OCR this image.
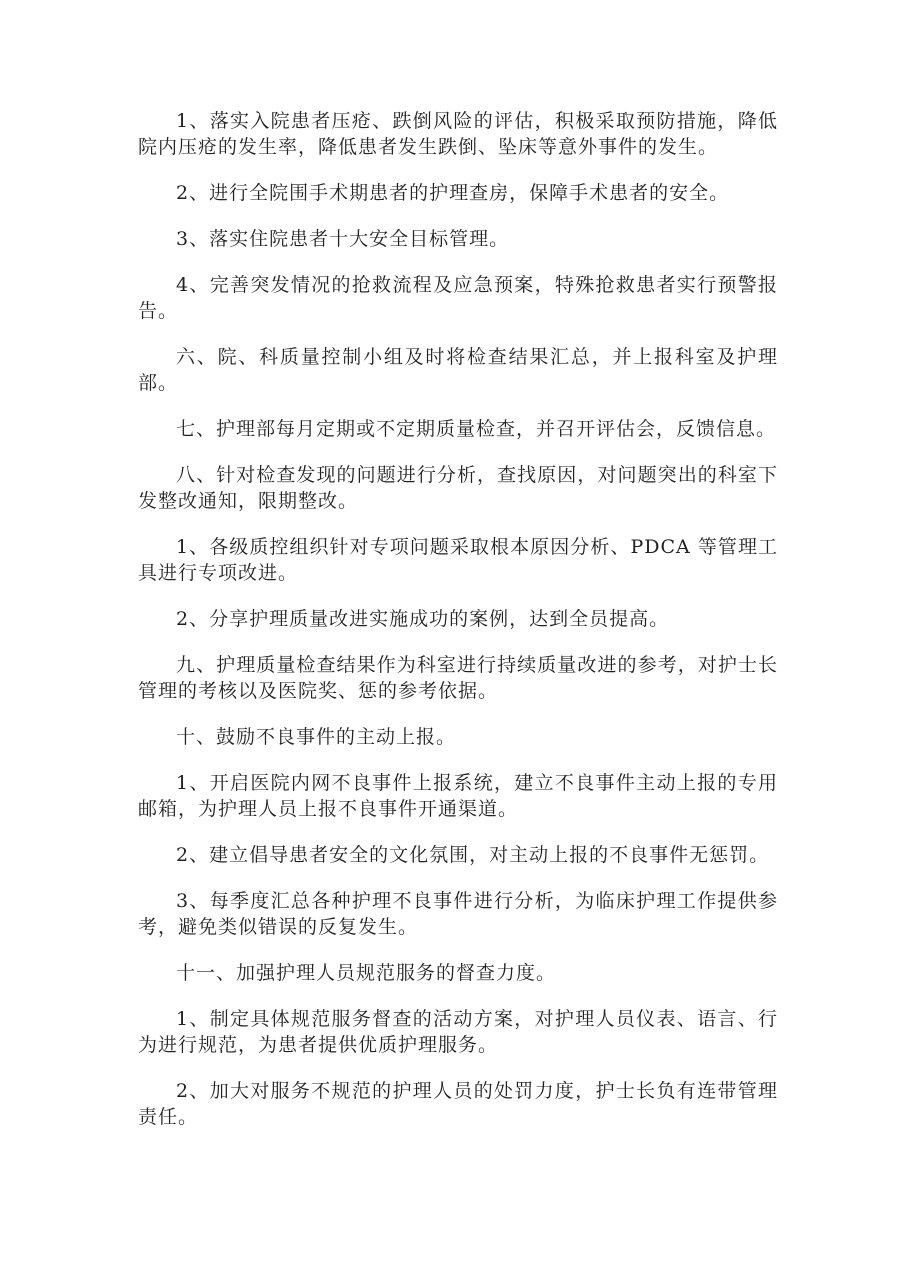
1、落实入院患者压疮、跌倒风险的评估，积极采取预防措施，降低院内压疮的发生率，降低患者发生跌倒、坠床等意外事件的发生。

2、进行全院围手术期患者的护理查房，保障手术患者的安全。

3、落实住院患者十大安全目标管理。

4、完善突发情况的抢救流程及应急预案，特殊抢救患者实行预警报告。

六、院、科质量控制小组及时将检查结果汇总，并上报科室及护理部。

七、护理部每月定期或不定期质量检查，并召开评估会，反馈信息。

八、针对检查发现的问题进行分析，查找原因，对问题突出的科室下发整改通知，限期整改。

1、各级质控组织针对专项问题采取根本原因分析、PDCA 等管理工具进行专项改进。

2、分享护理质量改进实施成功的案例，达到全员提高。

九、护理质量检查结果作为科室进行持续质量改进的参考，对护士长管理的考核以及医院奖、惩的参考依据。

十、鼓励不良事件的主动上报。

1、开启医院内网不良事件上报系统，建立不良事件主动上报的专用邮箱，为护理人员上报不良事件开通渠道。

2、建立倡导患者安全的文化氛围，对主动上报的不良事件无惩罚。

3、每季度汇总各种护理不良事件进行分析，为临床护理工作提供参考，避免类似错误的反复发生。

十一、加强护理人员规范服务的督查力度。

1、制定具体规范服务督查的活动方案，对护理人员仪表、语言、行为进行规范，为患者提供优质护理服务。

2、加大对服务不规范的护理人员的处罚力度，护士长负有连带管理责任。
